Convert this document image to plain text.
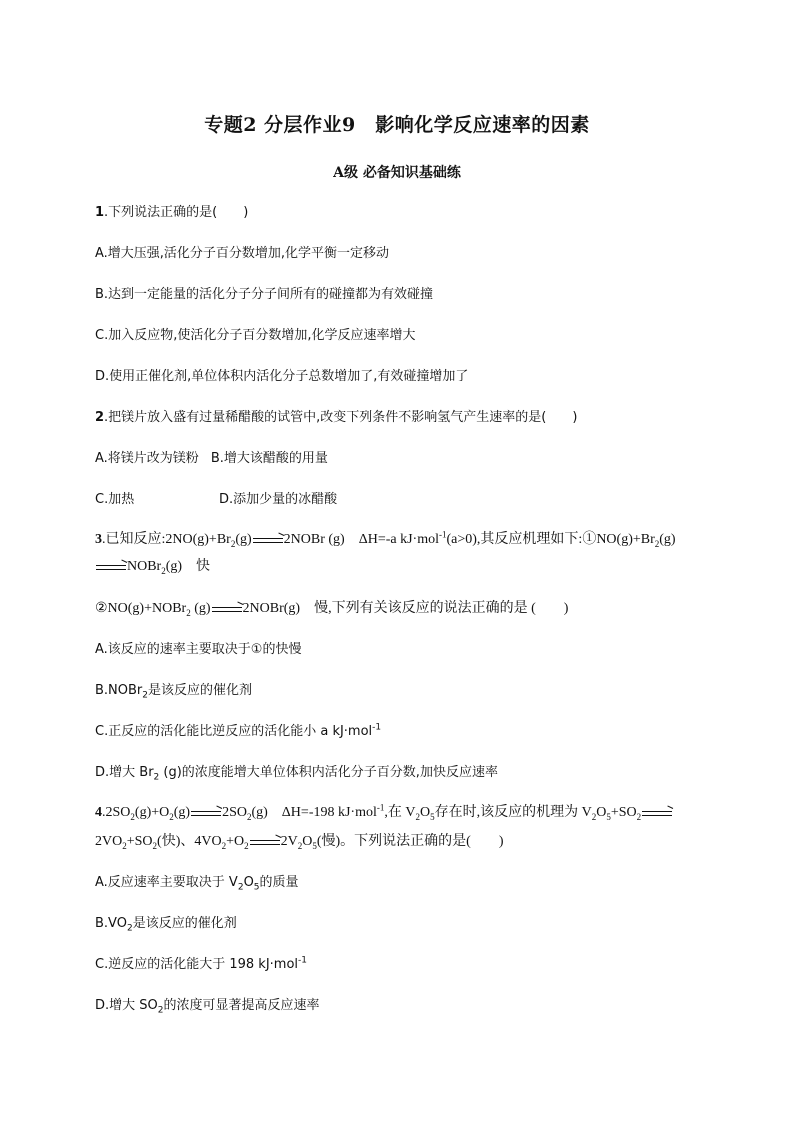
专题2 分层作业9　影响化学反应速率的因素
A级 必备知识基础练
1.下列说法正确的是(　　)
A.增大压强,活化分子百分数增加,化学平衡一定移动
B.达到一定能量的活化分子分子间所有的碰撞都为有效碰撞
C.加入反应物,使活化分子百分数增加,化学反应速率增大
D.使用正催化剂,单位体积内活化分子总数增加了,有效碰撞增加了
2.把镁片放入盛有过量稀醋酸的试管中,改变下列条件不影响氢气产生速率的是(　　)
A.将镁片改为镁粉 B.增大该醋酸的用量
C.加热	D.添加少量的冰醋酸
3.已知反应$:2NO(g)+Br_2(g)\to 2NOBr$ (g)　ΔH=-a kJ·mol$^{-1}$(a>0),其反应机理如下$:①NO(g)+Br_2(g)$
→NOBr$_2$(g)　快
②NO(g)+NOBr$_2$ (g)→2NOBr(g)　慢,下列有关该反应的说法正确的是 (　　)
A.该反应的速率主要取决于①的快慢
B.NOBr$_2$是该反应的催化剂
C.正反应的活化能比逆反应的活化能小 a kJ·mol$^{-1}$
D.增大 $Br_2$ (g)的浓度能增大单位体积内活化分子百分数,加快反应速率
$4.2SO_2(g)+O_2(g)\to 2SO_2(g)$　ΔH=-198 kJ·mol$^{-1}$,在 $V_2O_5$存在时,该反应的机理为 $V_2O_5+SO_2\to$
$2VO_2+SO_2$(快)、$4VO_2+O_2\to 2V_2O_5$(慢)。下列说法正确的是(　　)
A.反应速率主要取决于 $V_2O_5$的质量
$B.VO_2$是该反应的催化剂
C.逆反应的活化能大于 198 kJ·mol$^{-1}$
D.增大 $SO_2$的浓度可显著提高反应速率
